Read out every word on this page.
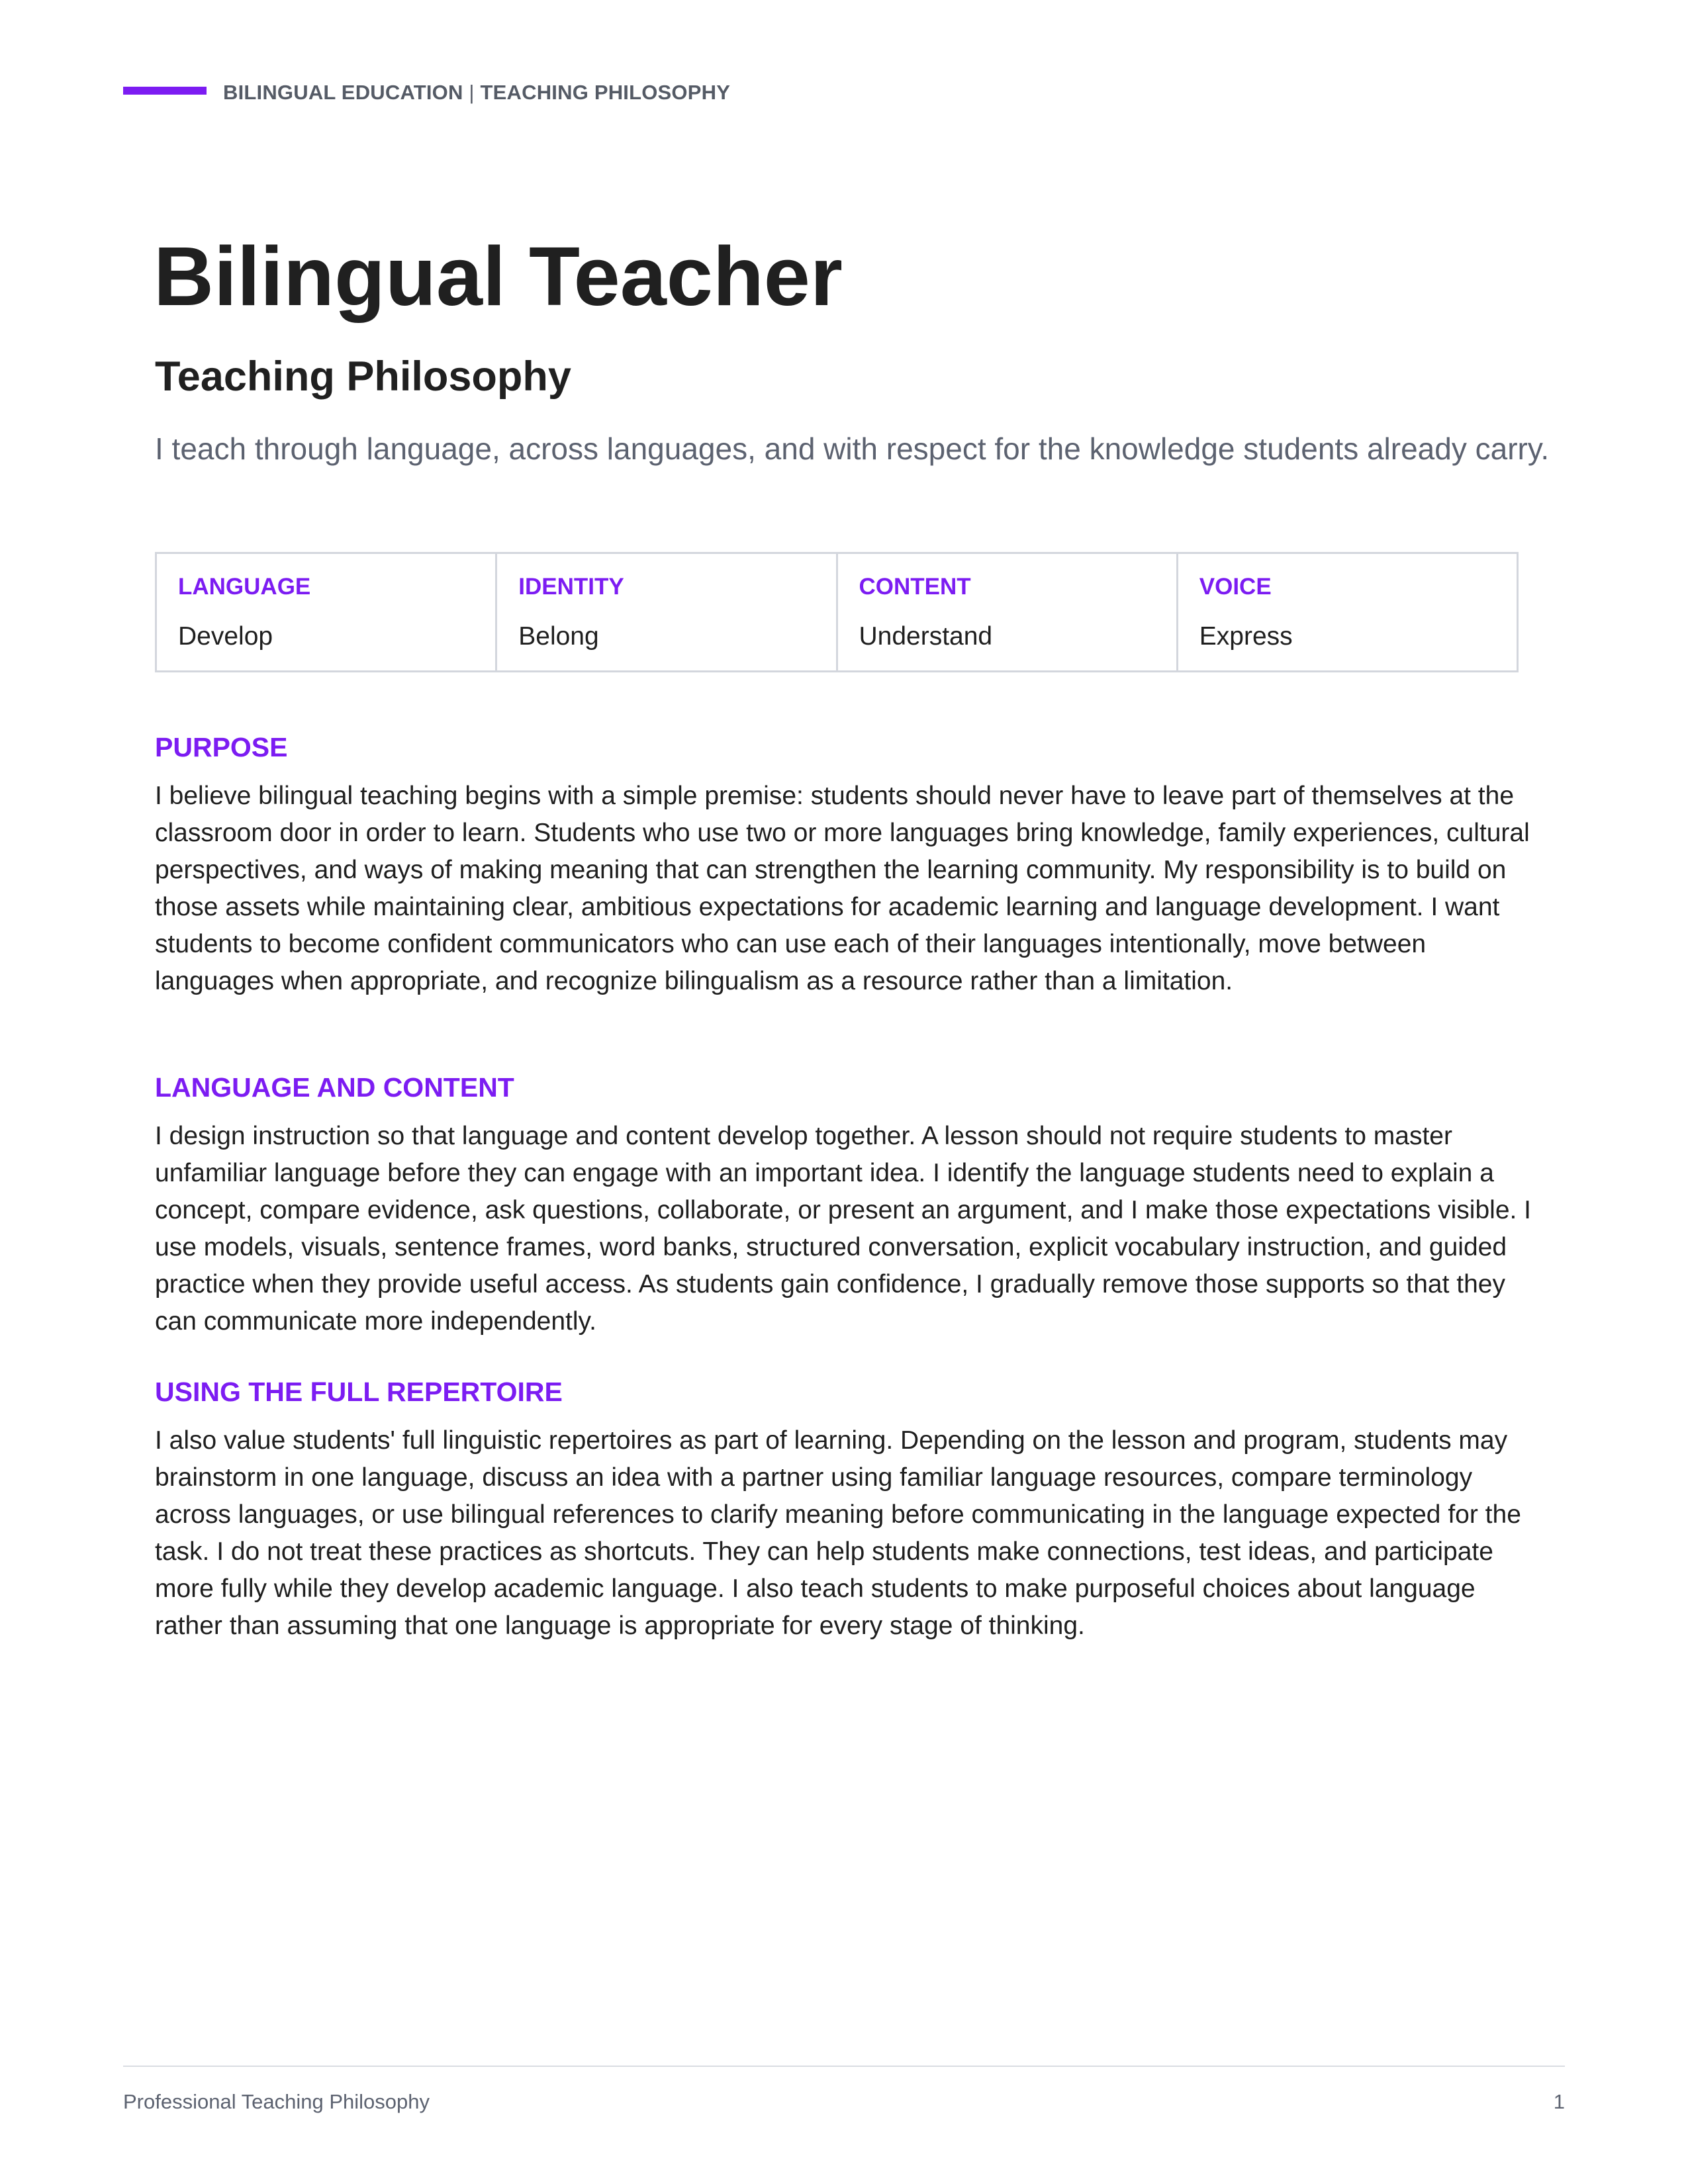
BILINGUAL EDUCATION | TEACHING PHILOSOPHY
Bilingual Teacher
Teaching Philosophy

I teach through language, across languages, and with respect for the knowledge students already carry.

LANGUAGE
Develop
IDENTITY
Belong
CONTENT
Understand
VOICE
Express
PURPOSE

I believe bilingual teaching begins with a simple premise: students should never have to leave part of themselves at the classroom door in order to learn. Students who use two or more languages bring knowledge, family experiences, cultural perspectives, and ways of making meaning that can strengthen the learning community. My responsibility is to build on those assets while maintaining clear, ambitious expectations for academic learning and language development. I want students to become confident communicators who can use each of their languages intentionally, move between languages when appropriate, and recognize bilingualism as a resource rather than a limitation.

LANGUAGE AND CONTENT

I design instruction so that language and content develop together. A lesson should not require students to master unfamiliar language before they can engage with an important idea. I identify the language students need to explain a concept, compare evidence, ask questions, collaborate, or present an argument, and I make those expectations visible. I use models, visuals, sentence frames, word banks, structured conversation, explicit vocabulary instruction, and guided practice when they provide useful access. As students gain confidence, I gradually remove those supports so that they can communicate more independently.

USING THE FULL REPERTOIRE

I also value students' full linguistic repertoires as part of learning. Depending on the lesson and program, students may brainstorm in one language, discuss an idea with a partner using familiar language resources, compare terminology across languages, or use bilingual references to clarify meaning before communicating in the language expected for the task. I do not treat these practices as shortcuts. They can help students make connections, test ideas, and participate more fully while they develop academic language. I also teach students to make purposeful choices about language rather than assuming that one language is appropriate for every stage of thinking.

Professional Teaching Philosophy	1
